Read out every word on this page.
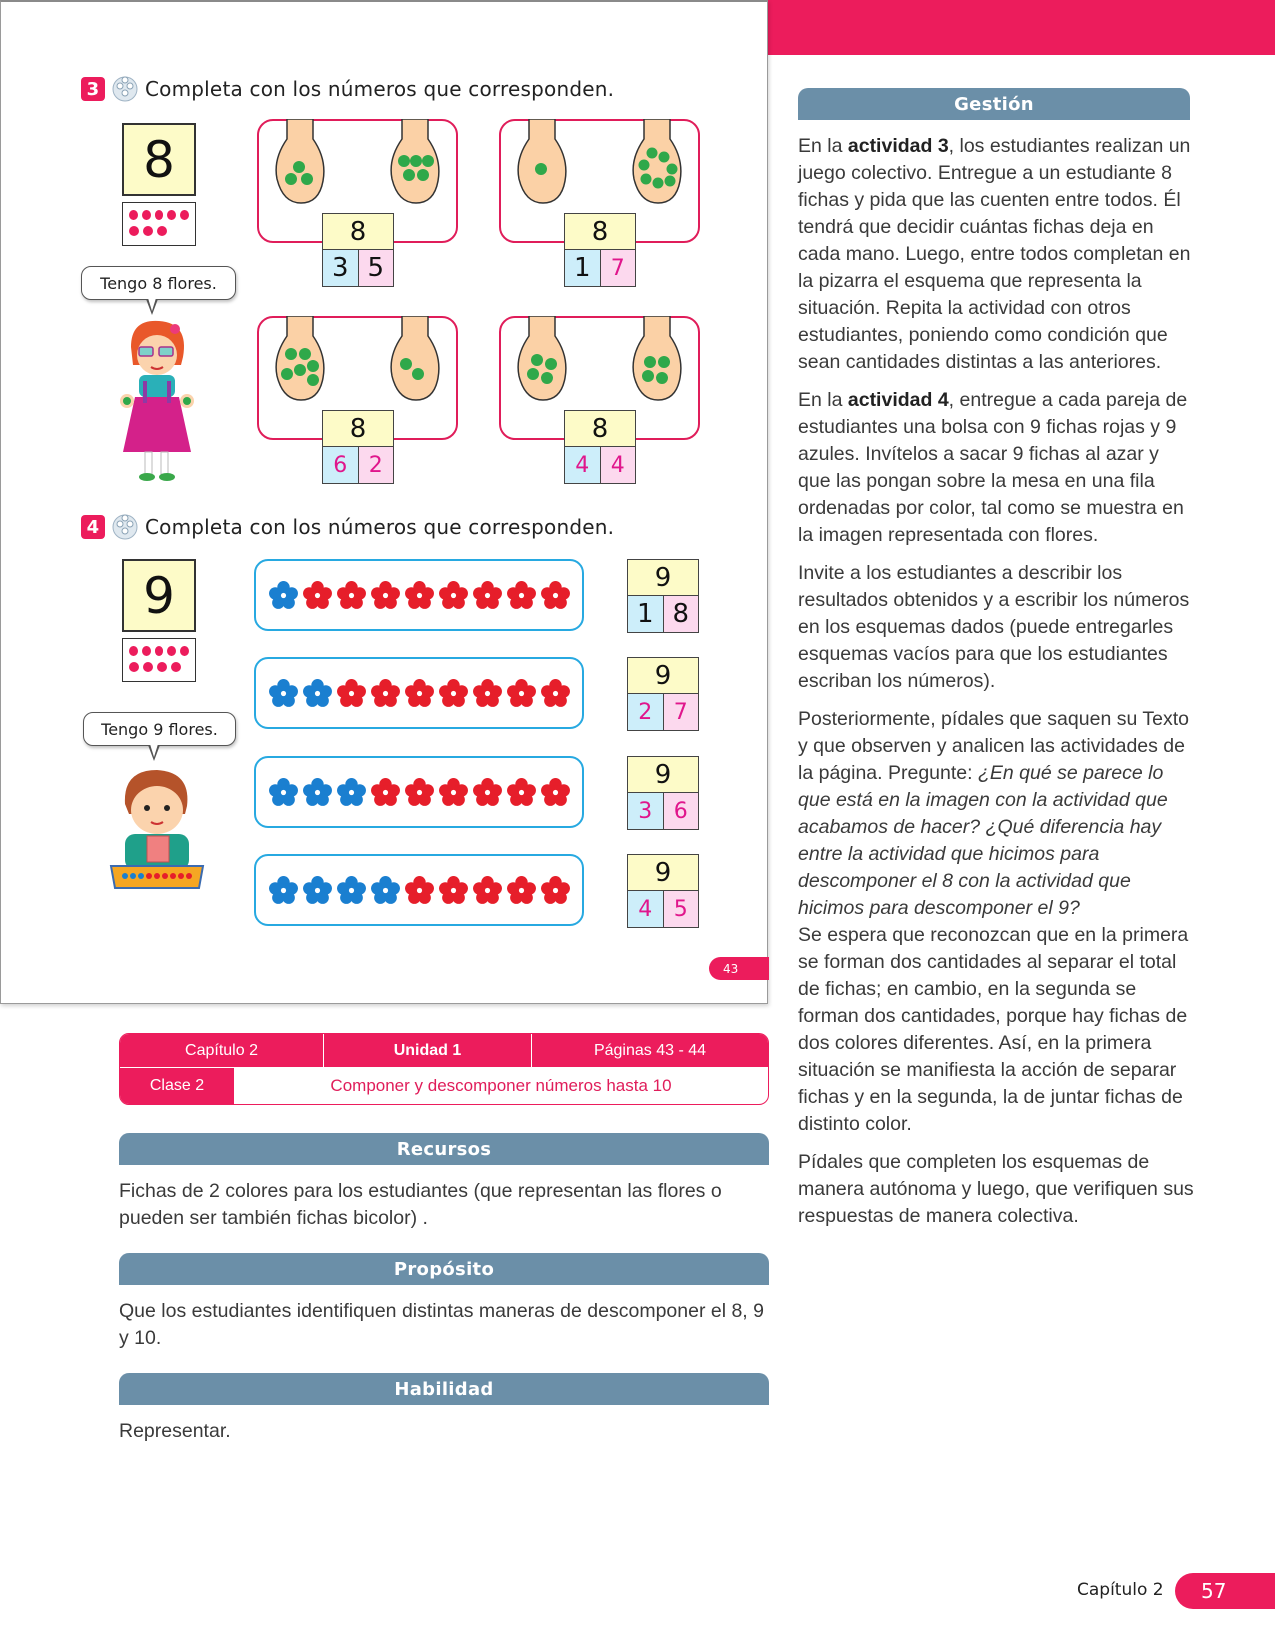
3 Completa con los números que corresponden.
8
Tengo 8 flores.
8
3 5
8
1 7
8
6 2
8
4 4
4 Completa con los números que corresponden.
9
Tengo 9 flores.
9
1 8
9
2 7
9
3 6
9
4 5
43
Capítulo 2	Unidad 1	Páginas 43 - 44
Clase 2	Componer y descomponer números hasta 10
Recursos
Fichas de 2 colores para los estudiantes (que representan las flores o pueden ser también fichas bicolor) .
Propósito
Que los estudiantes identifiquen distintas maneras de descomponer el 8, 9 y 10.
Habilidad
Representar.
Gestión

En la actividad 3, los estudiantes realizan un juego colectivo. Entregue a un estudiante 8 fichas y pida que las cuenten entre todos. Él tendrá que decidir cuántas fichas deja en cada mano. Luego, entre todos completan en la pizarra el esquema que representa la situación. Repita la actividad con otros estudiantes, poniendo como condición que sean cantidades distintas a las anteriores.

En la actividad 4, entregue a cada pareja de estudiantes una bolsa con 9 fichas rojas y 9 azules. Invítelos a sacar 9 fichas al azar y que las pongan sobre la mesa en una fila ordenadas por color, tal como se muestra en la imagen representada con flores.

Invite a los estudiantes a describir los resultados obtenidos y a escribir los números en los esquemas dados (puede entregarles esquemas vacíos para que los estudiantes escriban los números).

Posteriormente, pídales que saquen su Texto y que observen y analicen las actividades de la página. Pregunte: ¿En qué se parece lo que está en la imagen con la actividad que acabamos de hacer? ¿Qué diferencia hay entre la actividad que hicimos para descomponer el 8 con la actividad que hicimos para descomponer el 9?
Se espera que reconozcan que en la primera se forman dos cantidades al separar el total de fichas; en cambio, en la segunda se forman dos cantidades, porque hay fichas de dos colores diferentes. Así, en la primera situación se manifiesta la acción de separar fichas y en la segunda, la de juntar fichas de distinto color.

Pídales que completen los esquemas de manera autónoma y luego, que verifiquen sus respuestas de manera colectiva.

Capítulo 2	57
